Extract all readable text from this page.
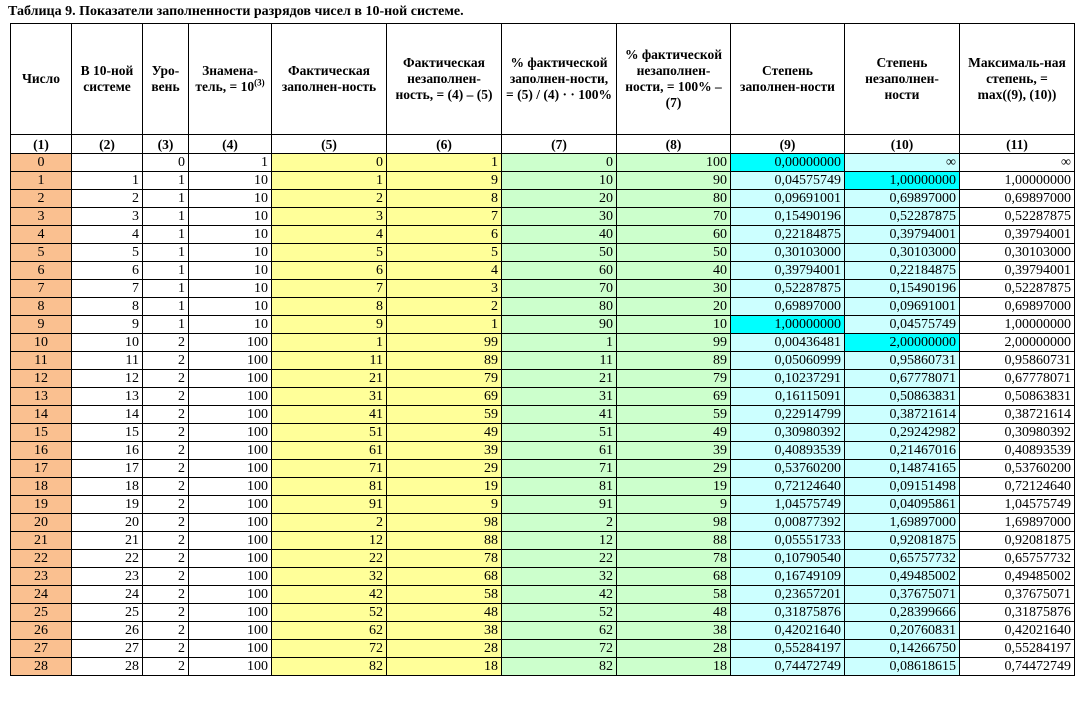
Таблица 9. Показатели заполненности разрядов чисел в 10-ной системе.
Число	В 10-ной системе	Уро-вень	Знамена-тель, = $10^{(3)}$	Фактическая заполнен-ность	Фактическая незаполнен-ность, = (4) – (5)	% фактической заполнен-ности, = (5) / (4) · · 100%	% фактической незаполнен-ности, = 100% – (7)	Степень заполнен-ности	Степень незаполнен-ности	Максималь-ная степень, = max((9), (10))
(1)	(2)	(3)	(4)	(5)	(6)	(7)	(8)	(9)	(10)	(11)
0		0	1	0	1	0	100	0,00000000	∞	∞
1	1	1	10	1	9	10	90	0,04575749	1,00000000	1,00000000
2	2	1	10	2	8	20	80	0,09691001	0,69897000	0,69897000
3	3	1	10	3	7	30	70	0,15490196	0,52287875	0,52287875
4	4	1	10	4	6	40	60	0,22184875	0,39794001	0,39794001
5	5	1	10	5	5	50	50	0,30103000	0,30103000	0,30103000
6	6	1	10	6	4	60	40	0,39794001	0,22184875	0,39794001
7	7	1	10	7	3	70	30	0,52287875	0,15490196	0,52287875
8	8	1	10	8	2	80	20	0,69897000	0,09691001	0,69897000
9	9	1	10	9	1	90	10	1,00000000	0,04575749	1,00000000
10	10	2	100	1	99	1	99	0,00436481	2,00000000	2,00000000
11	11	2	100	11	89	11	89	0,05060999	0,95860731	0,95860731
12	12	2	100	21	79	21	79	0,10237291	0,67778071	0,67778071
13	13	2	100	31	69	31	69	0,16115091	0,50863831	0,50863831
14	14	2	100	41	59	41	59	0,22914799	0,38721614	0,38721614
15	15	2	100	51	49	51	49	0,30980392	0,29242982	0,30980392
16	16	2	100	61	39	61	39	0,40893539	0,21467016	0,40893539
17	17	2	100	71	29	71	29	0,53760200	0,14874165	0,53760200
18	18	2	100	81	19	81	19	0,72124640	0,09151498	0,72124640
19	19	2	100	91	9	91	9	1,04575749	0,04095861	1,04575749
20	20	2	100	2	98	2	98	0,00877392	1,69897000	1,69897000
21	21	2	100	12	88	12	88	0,05551733	0,92081875	0,92081875
22	22	2	100	22	78	22	78	0,10790540	0,65757732	0,65757732
23	23	2	100	32	68	32	68	0,16749109	0,49485002	0,49485002
24	24	2	100	42	58	42	58	0,23657201	0,37675071	0,37675071
25	25	2	100	52	48	52	48	0,31875876	0,28399666	0,31875876
26	26	2	100	62	38	62	38	0,42021640	0,20760831	0,42021640
27	27	2	100	72	28	72	28	0,55284197	0,14266750	0,55284197
28	28	2	100	82	18	82	18	0,74472749	0,08618615	0,74472749
